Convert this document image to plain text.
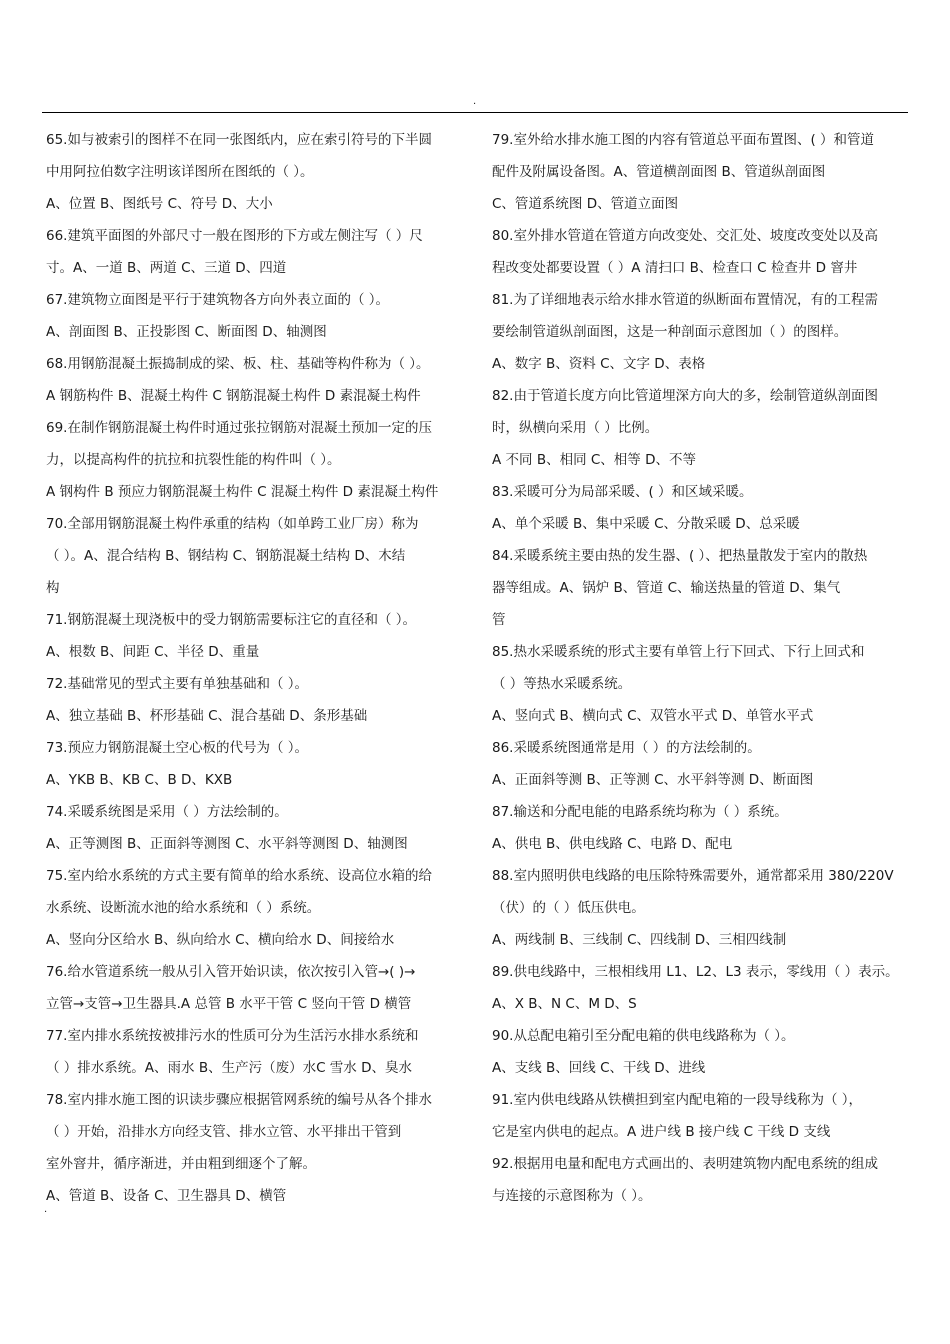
.
65.如与被索引的图样不在同一张图纸内，应在索引符号的下半圆
中用阿拉伯数字注明该详图所在图纸的（ ）。
A、位置 B、图纸号 C、符号 D、大小
66.建筑平面图的外部尺寸一般在图形的下方或左侧注写（ ）尺
寸。A、一道 B、两道 C、三道 D、四道
67.建筑物立面图是平行于建筑物各方向外表立面的（ ）。
A、剖面图 B、正投影图 C、断面图 D、轴测图
68.用钢筋混凝土振捣制成的梁、板、柱、基础等构件称为（ ）。
A 钢筋构件 B、混凝土构件 C 钢筋混凝土构件 D 素混凝土构件
69.在制作钢筋混凝土构件时通过张拉钢筋对混凝土预加一定的压
力，以提高构件的抗拉和抗裂性能的构件叫（ ）。
A 钢构件 B 预应力钢筋混凝土构件 C 混凝土构件 D 素混凝土构件
70.全部用钢筋混凝土构件承重的结构（如单跨工业厂房）称为
（ ）。A、混合结构 B、钢结构 C、钢筋混凝土结构 D、木结
构
71.钢筋混凝土现浇板中的受力钢筋需要标注它的直径和（ ）。
A、根数 B、间距 C、半径 D、重量
72.基础常见的型式主要有单独基础和（ ）。
A、独立基础 B、杯形基础 C、混合基础 D、条形基础
73.预应力钢筋混凝土空心板的代号为（ ）。
A、YKB B、KB C、B D、KXB
74.采暖系统图是采用（ ）方法绘制的。
A、正等测图 B、正面斜等测图 C、水平斜等测图 D、轴测图
75.室内给水系统的方式主要有简单的给水系统、设高位水箱的给
水系统、设断流水池的给水系统和（ ）系统。
A、竖向分区给水 B、纵向给水 C、横向给水 D、间接给水
76.给水管道系统一般从引入管开始识读，依次按引入管→( )→
立管→支管→卫生器具.A 总管 B 水平干管 C 竖向干管 D 横管
77.室内排水系统按被排污水的性质可分为生活污水排水系统和
（ ）排水系统。A、雨水 B、生产污（废）水C 雪水 D、臭水
78.室内排水施工图的识读步骤应根据管网系统的编号从各个排水
（ ）开始，沿排水方向经支管、排水立管、水平排出干管到
室外窨井，循序渐进，并由粗到细逐个了解。
A、管道 B、设备 C、卫生器具 D、横管
79.室外给水排水施工图的内容有管道总平面布置图、( ）和管道
配件及附属设备图。A、管道横剖面图 B、管道纵剖面图
C、管道系统图 D、管道立面图
80.室外排水管道在管道方向改变处、交汇处、坡度改变处以及高
程改变处都要设置（ ）A 清扫口 B、检查口 C 检查井 D 窨井
81.为了详细地表示给水排水管道的纵断面布置情况，有的工程需
要绘制管道纵剖面图，这是一种剖面示意图加（ ）的图样。
A、数字 B、资料 C、文字 D、表格
82.由于管道长度方向比管道埋深方向大的多，绘制管道纵剖面图
时，纵横向采用（ ）比例。
A 不同 B、相同 C、相等 D、不等
83.采暖可分为局部采暖、( ）和区域采暖。
A、单个采暖 B、集中采暖 C、分散采暖 D、总采暖
84.采暖系统主要由热的发生器、( ）、把热量散发于室内的散热
器等组成。A、锅炉 B、管道 C、输送热量的管道 D、集气
管
85.热水采暖系统的形式主要有单管上行下回式、下行上回式和
（ ）等热水采暖系统。
A、竖向式 B、横向式 C、双管水平式 D、单管水平式
86.采暖系统图通常是用（ ）的方法绘制的。
A、正面斜等测 B、正等测 C、水平斜等测 D、断面图
87.输送和分配电能的电路系统均称为（ ）系统。
A、供电 B、供电线路 C、电路 D、配电
88.室内照明供电线路的电压除特殊需要外，通常都采用 380/220V
（伏）的（ ）低压供电。
A、两线制 B、三线制 C、四线制 D、三相四线制
89.供电线路中，三根相线用 L1、L2、L3 表示，零线用（ ）表示。
A、X B、N C、M D、S
90.从总配电箱引至分配电箱的供电线路称为（ ）。
A、支线 B、回线 C、干线 D、进线
91.室内供电线路从铁横担到室内配电箱的一段导线称为（ ），
它是室内供电的起点。A 进户线 B 接户线 C 干线 D 支线
92.根据用电量和配电方式画出的、表明建筑物内配电系统的组成
与连接的示意图称为（ ）。
.
